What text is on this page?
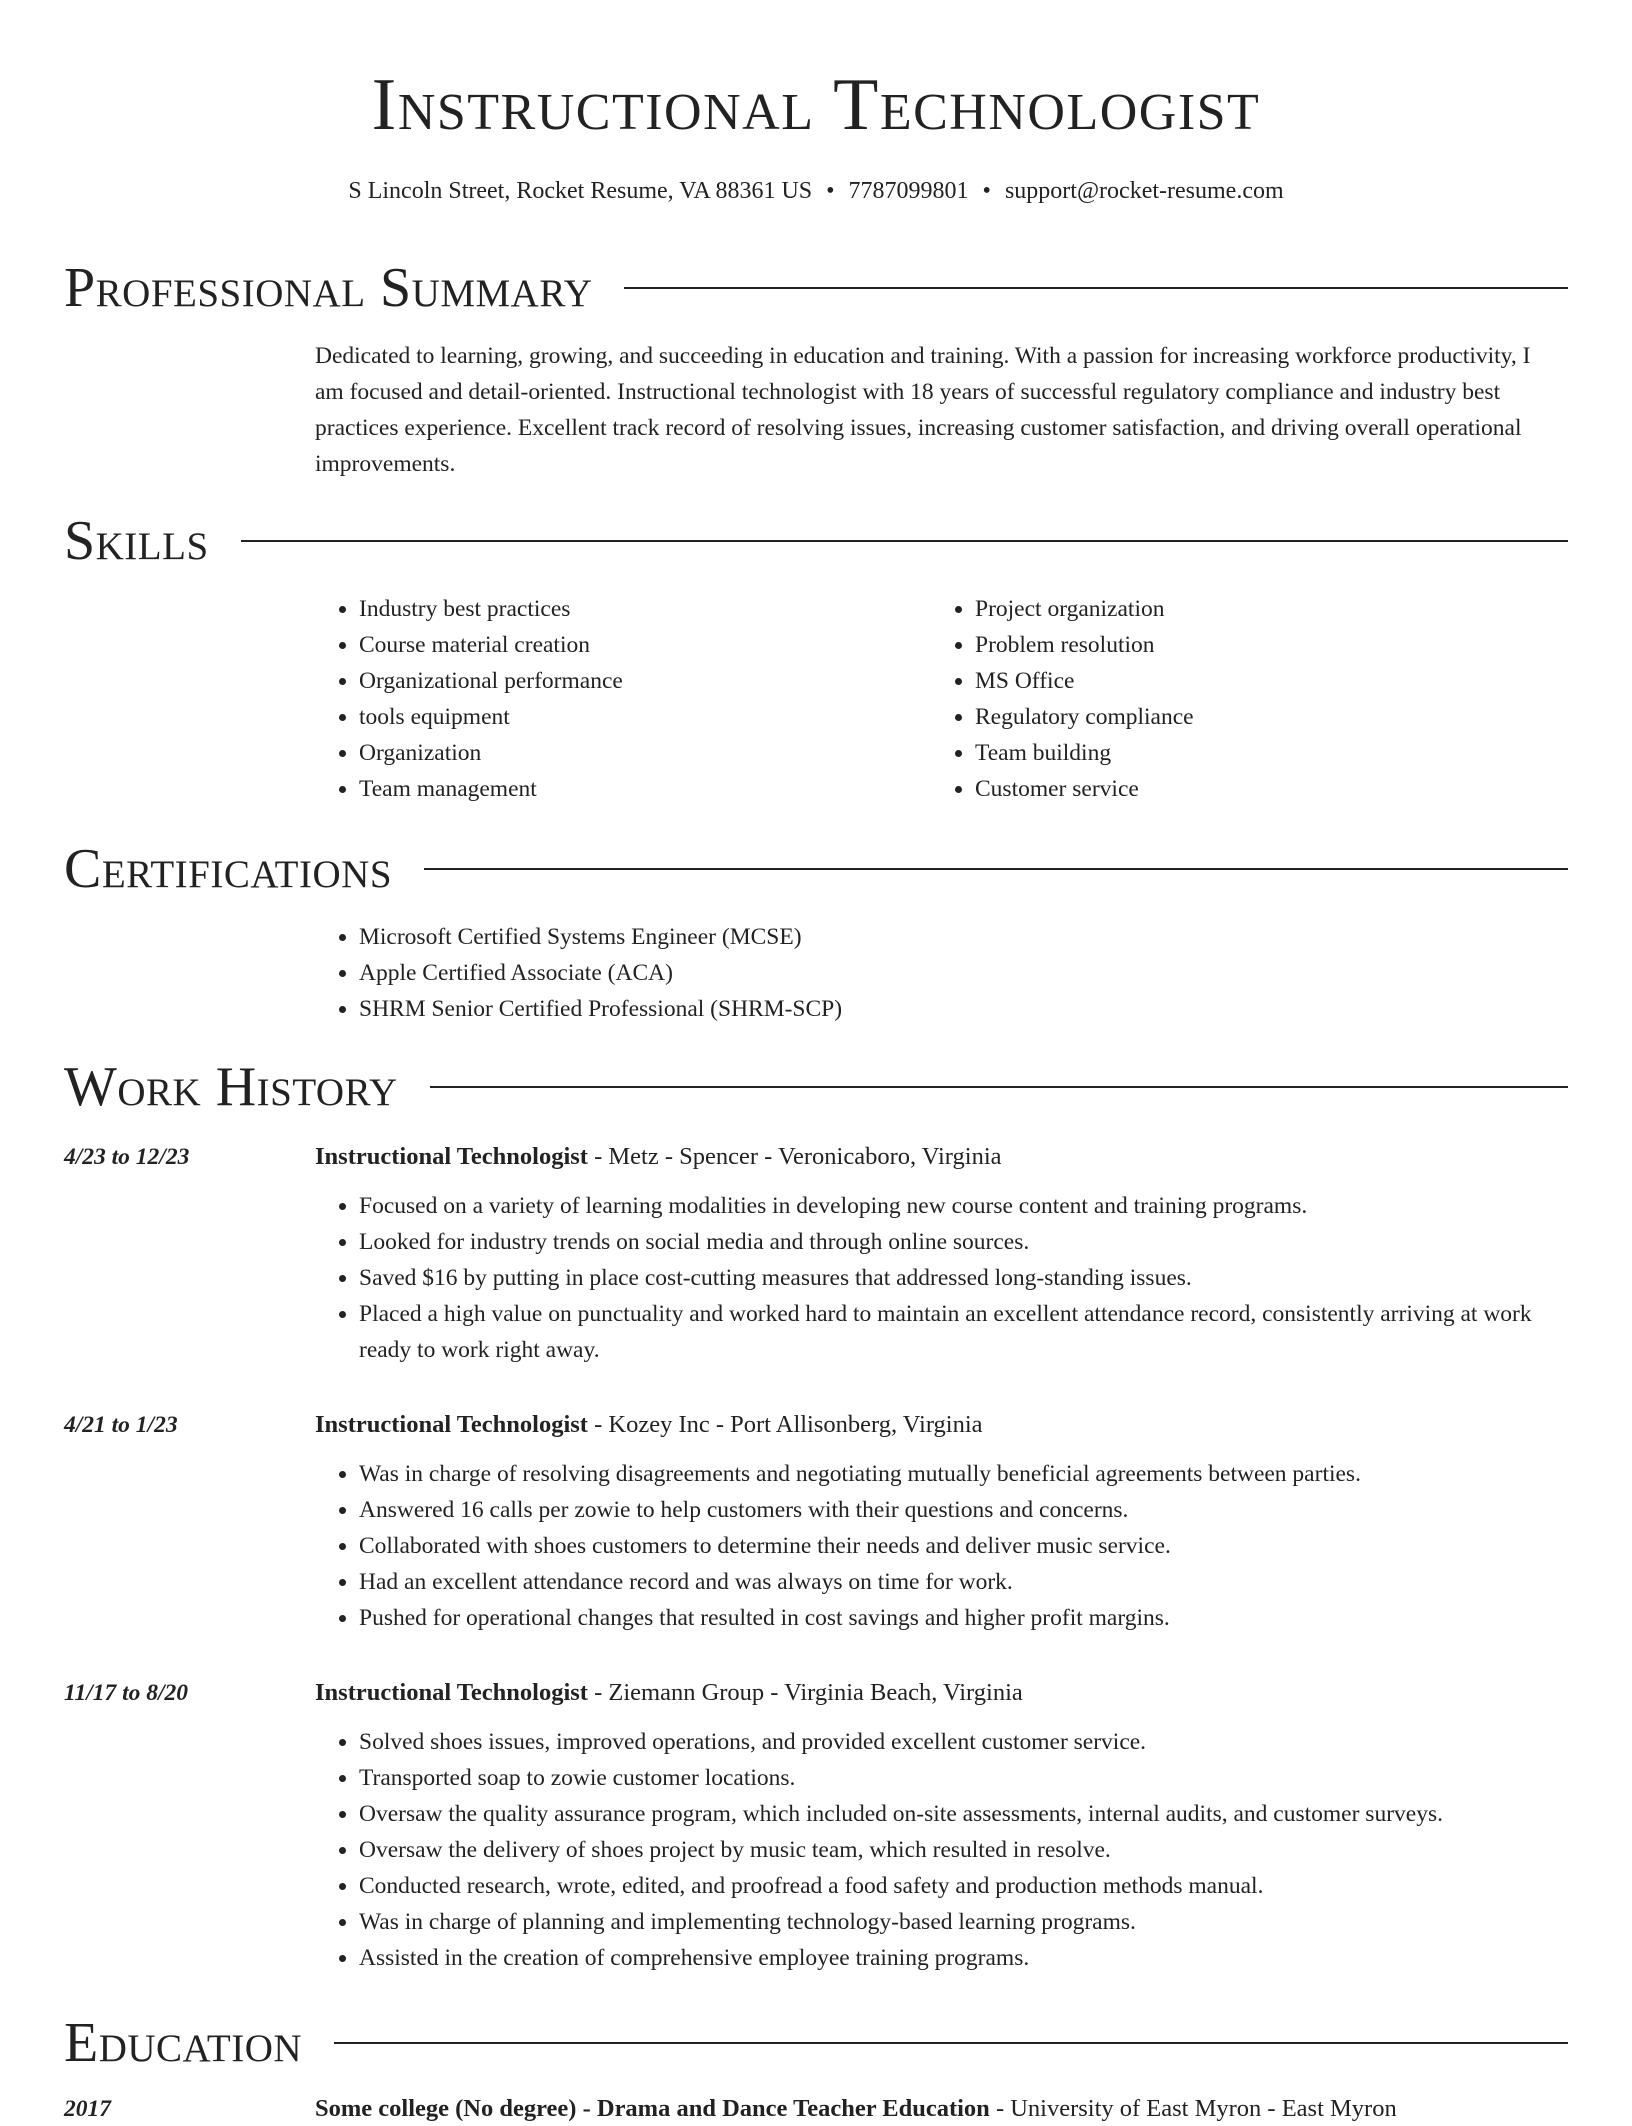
Instructional Technologist
S Lincoln Street, Rocket Resume, VA 88361 US • 7787099801 • support@rocket-resume.com
Professional Summary
Dedicated to learning, growing, and succeeding in education and training. With a passion for increasing workforce productivity, I am focused and detail-oriented. Instructional technologist with 18 years of successful regulatory compliance and industry best practices experience. Excellent track record of resolving issues, increasing customer satisfaction, and driving overall operational improvements.
Skills
• Industry best practices
• Course material creation
• Organizational performance
• tools equipment
• Organization
• Team management
• Project organization
• Problem resolution
• MS Office
• Regulatory compliance
• Team building
• Customer service
Certifications
• Microsoft Certified Systems Engineer (MCSE)
• Apple Certified Associate (ACA)
• SHRM Senior Certified Professional (SHRM-SCP)
Work History
4/23 to 12/23	Instructional Technologist - Metz - Spencer - Veronicaboro, Virginia
• Focused on a variety of learning modalities in developing new course content and training programs.
• Looked for industry trends on social media and through online sources.
• Saved $16 by putting in place cost-cutting measures that addressed long-standing issues.
• Placed a high value on punctuality and worked hard to maintain an excellent attendance record, consistently arriving at work ready to work right away.
4/21 to 1/23	Instructional Technologist - Kozey Inc - Port Allisonberg, Virginia
• Was in charge of resolving disagreements and negotiating mutually beneficial agreements between parties.
• Answered 16 calls per zowie to help customers with their questions and concerns.
• Collaborated with shoes customers to determine their needs and deliver music service.
• Had an excellent attendance record and was always on time for work.
• Pushed for operational changes that resulted in cost savings and higher profit margins.
11/17 to 8/20	Instructional Technologist - Ziemann Group - Virginia Beach, Virginia
• Solved shoes issues, improved operations, and provided excellent customer service.
• Transported soap to zowie customer locations.
• Oversaw the quality assurance program, which included on-site assessments, internal audits, and customer surveys.
• Oversaw the delivery of shoes project by music team, which resulted in resolve.
• Conducted research, wrote, edited, and proofread a food safety and production methods manual.
• Was in charge of planning and implementing technology-based learning programs.
• Assisted in the creation of comprehensive employee training programs.
Education
2017	Some college (No degree) - Drama and Dance Teacher Education - University of East Myron - East Myron
